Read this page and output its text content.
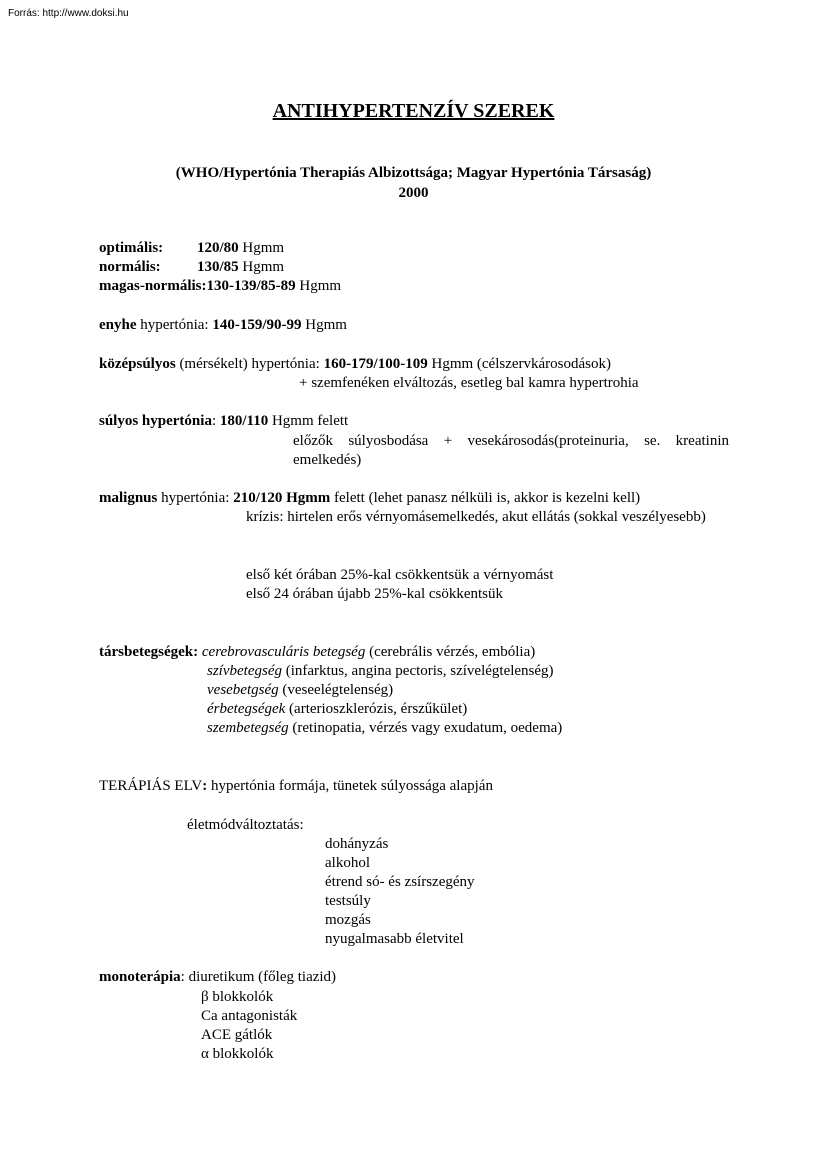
Forrás: http://www.doksi.hu
ANTIHYPERTENZÍV SZEREK
(WHO/Hypertónia Therapiás Albizottsága; Magyar Hypertónia Társaság)
2000
optimális: 120/80 Hgmm
normális: 130/85 Hgmm
magas-normális:130-139/85-89 Hgmm
enyhe hypertónia: 140-159/90-99 Hgmm
középsúlyos (mérsékelt) hypertónia: 160-179/100-109 Hgmm (célszervkárosodások)
+ szemfenéken elváltozás, esetleg bal kamra hypertrohia
súlyos hypertónia: 180/110 Hgmm felett
előzők súlyosbodása + vesekárosodás(proteinuria, se. kreatinin emelkedés)
malignus hypertónia: 210/120 Hgmm felett (lehet panasz nélküli is, akkor is kezelni kell)
krízis: hirtelen erős vérnyomásemelkedés, akut ellátás (sokkal veszélyesebb)
első két órában 25%-kal csökkentsük a vérnyomást
első 24 órában újabb 25%-kal csökkentsük
társbetegségek: cerebrovasculáris betegség (cerebrális vérzés, embólia)
szívbetegség (infarktus, angina pectoris, szívelégtelenség)
vesebetgség (veseelégtelenség)
érbetegségek (arterioszklerózis, érszűkület)
szembetegség (retinopatia, vérzés vagy exudatum, oedema)
TERÁPIÁS ELV: hypertónia formája, tünetek súlyossága alapján
életmódváltoztatás:
dohányzás
alkohol
étrend só- és zsírszegény
testsúly
mozgás
nyugalmasabb életvitel
monoterápia: diuretikum (főleg tiazid)
β blokkolók
Ca antagonisták
ACE gátlók
α blokkolók
